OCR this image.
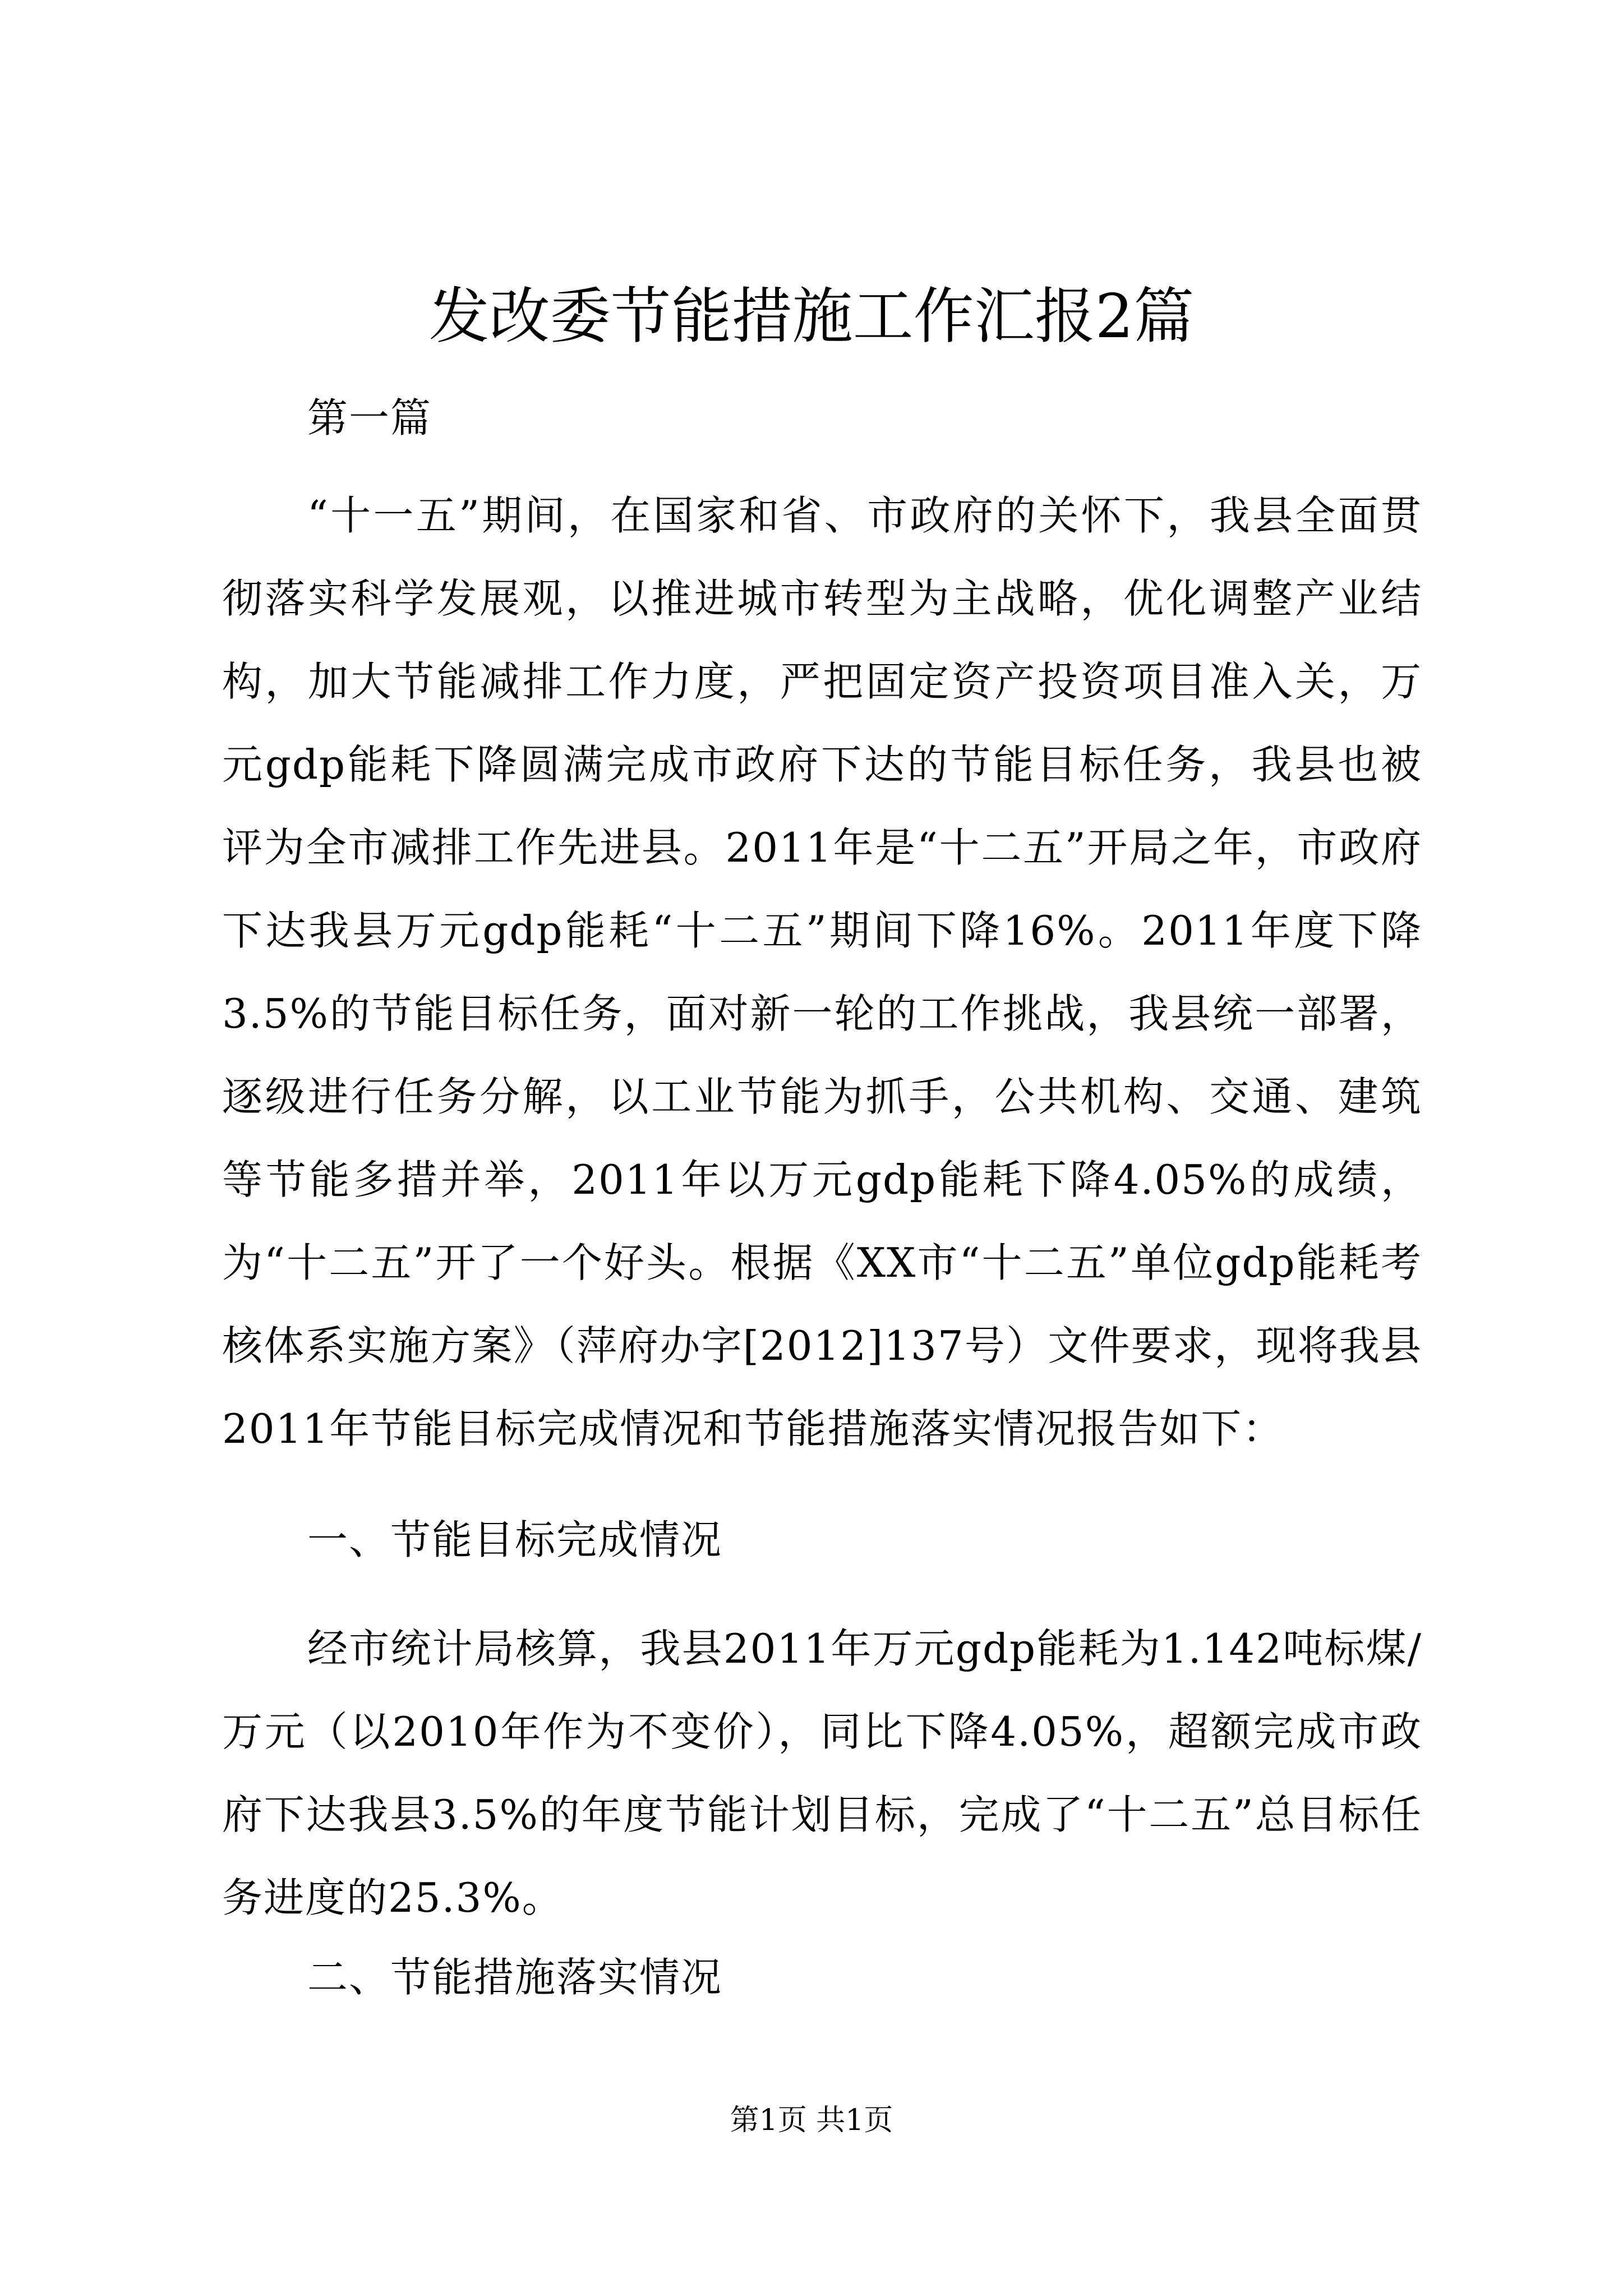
发改委节能措施工作汇报2篇
第一篇
“十一五”期间，在国家和省、市政府的关怀下，我县全面贯彻落实科学发展观，以推进城市转型为主战略，优化调整产业结构，加大节能减排工作力度，严把固定资产投资项目准入关，万元gdp能耗下降圆满完成市政府下达的节能目标任务，我县也被评为全市减排工作先进县。2011年是“十二五”开局之年，市政府下达我县万元gdp能耗“十二五”期间下降16%。2011年度下降3.5%的节能目标任务，面对新一轮的工作挑战，我县统一部署，逐级进行任务分解，以工业节能为抓手，公共机构、交通、建筑等节能多措并举，2011年以万元gdp能耗下降4.05%的成绩，为“十二五”开了一个好头。根据《XX市“十二五”单位gdp能耗考核体系实施方案》（萍府办字[2012]137号）文件要求，现将我县2011年节能目标完成情况和节能措施落实情况报告如下：
一、节能目标完成情况
经市统计局核算，我县2011年万元gdp能耗为1.142吨标煤/万元（以2010年作为不变价），同比下降4.05%，超额完成市政府下达我县3.5%的年度节能计划目标，完成了“十二五”总目标任务进度的25.3%。
二、节能措施落实情况
第1页 共1页
